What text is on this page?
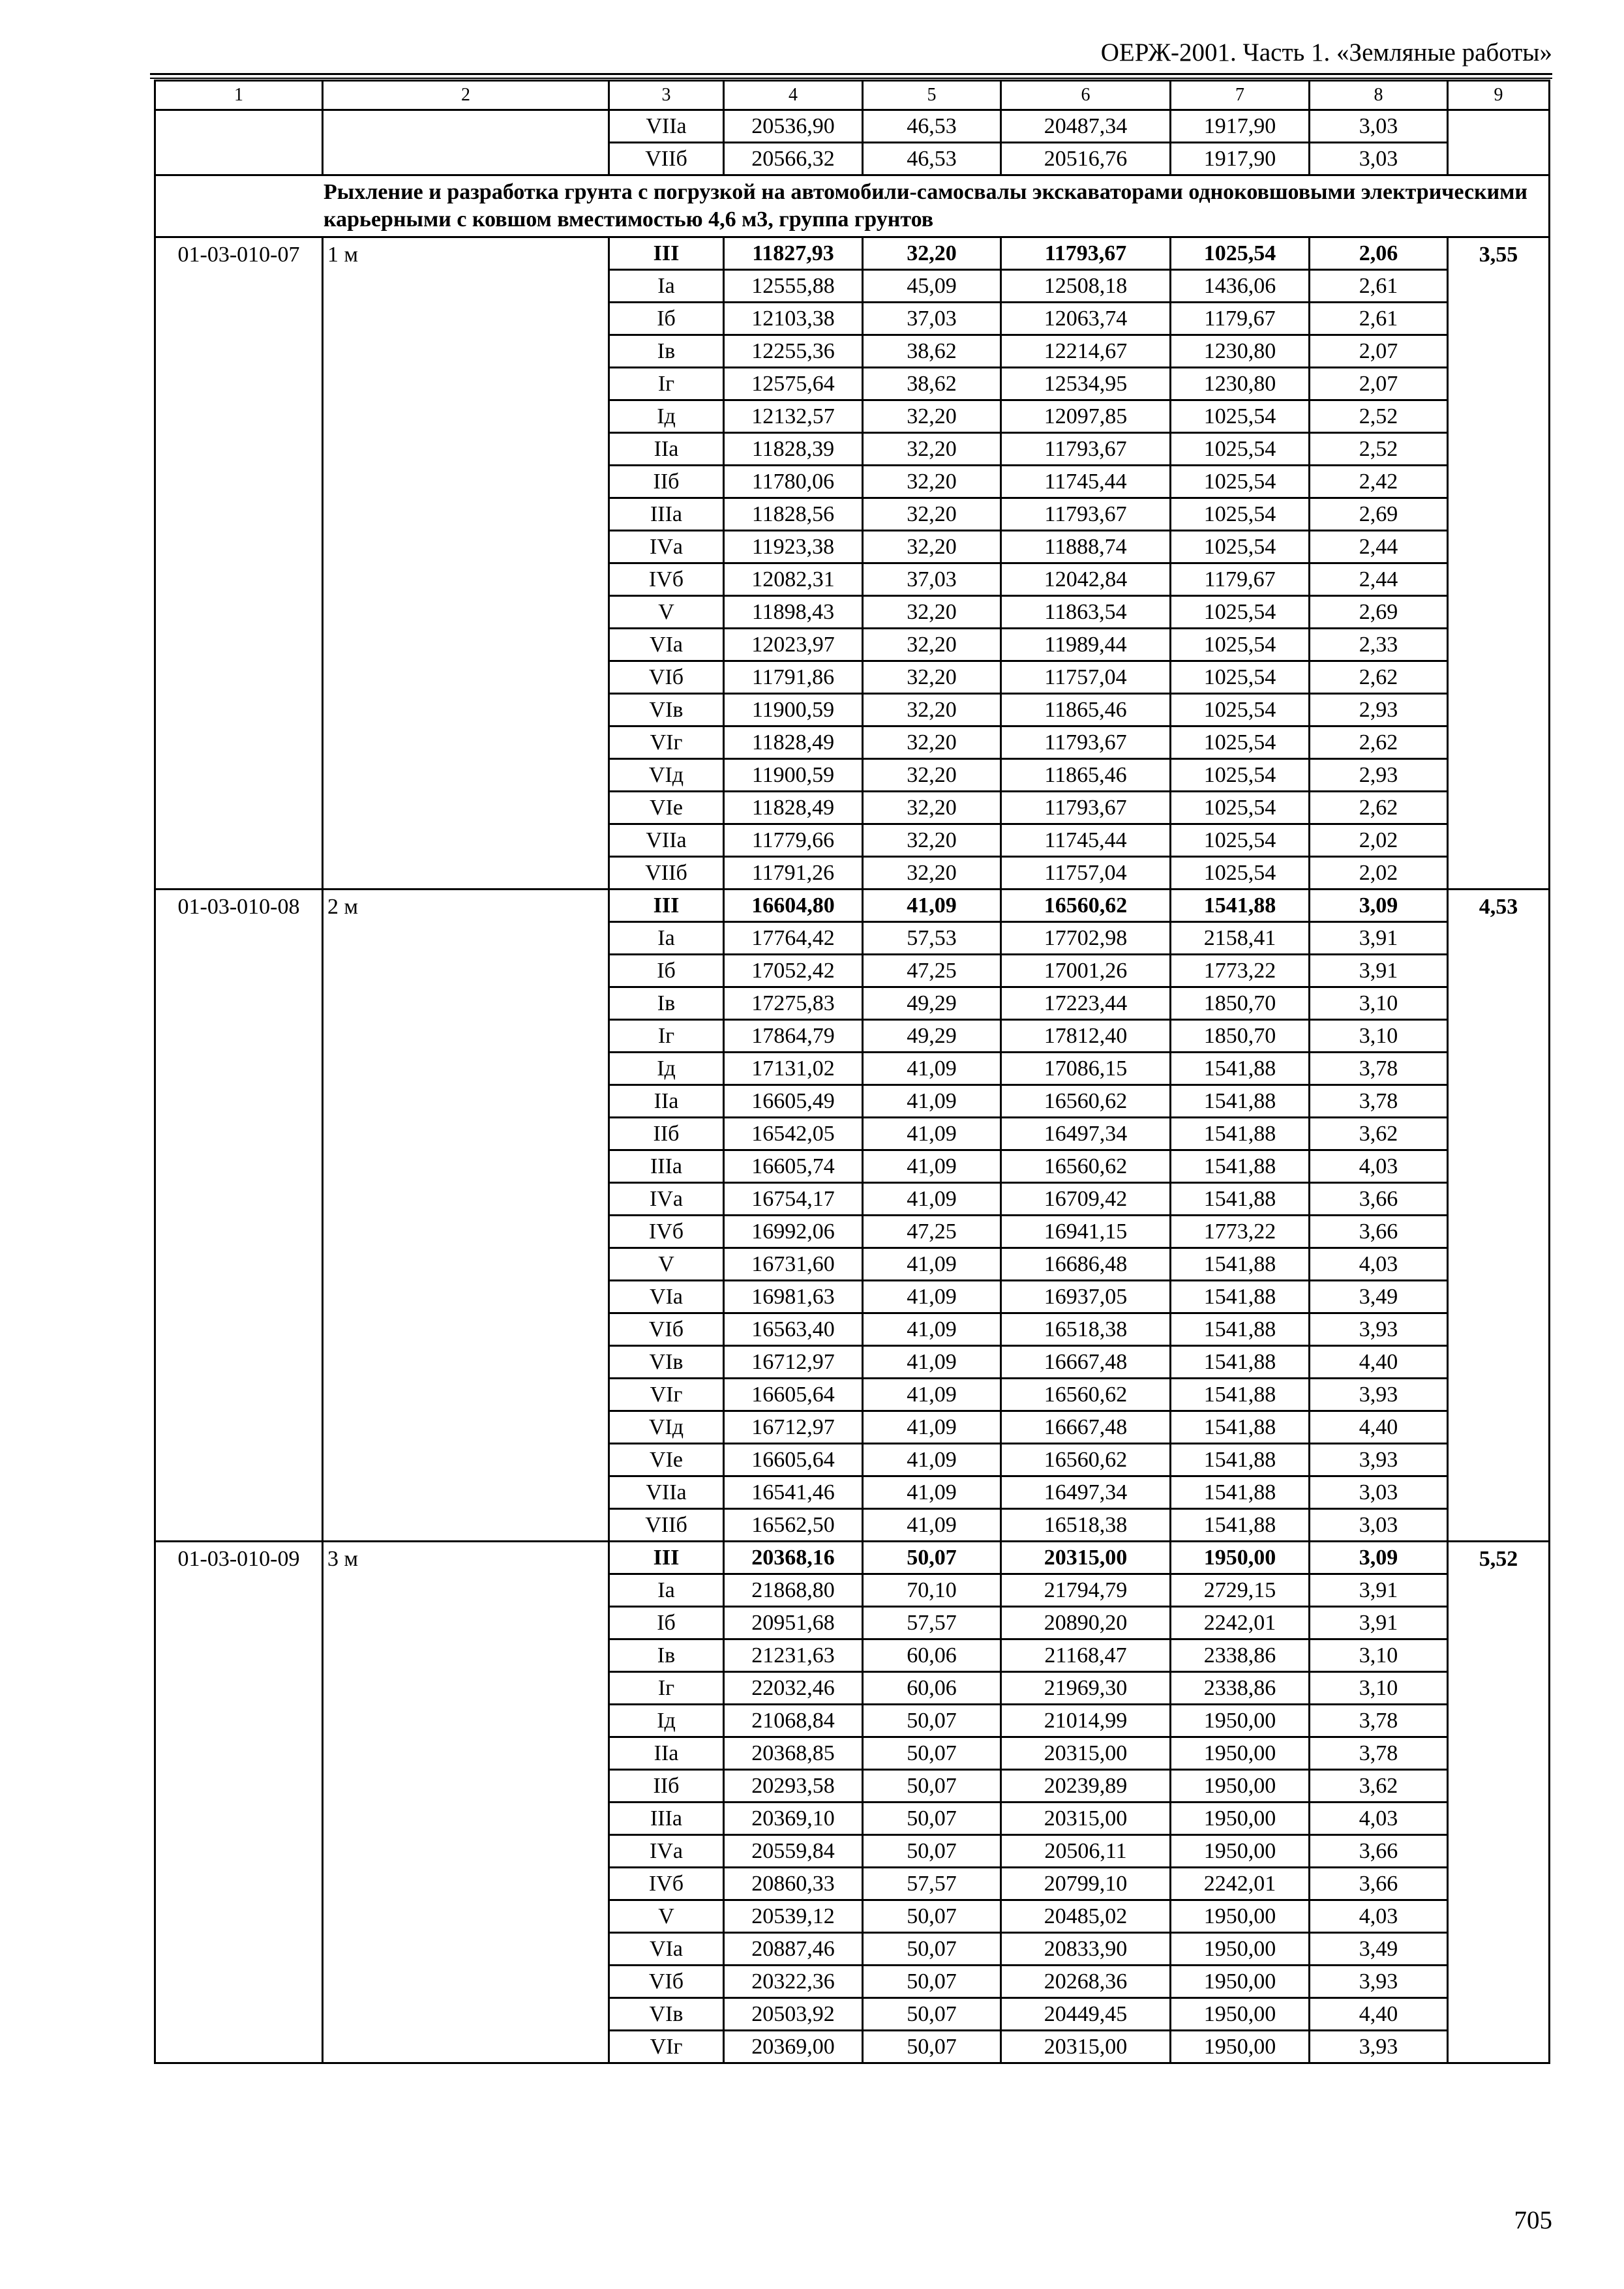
ОЕРЖ-2001. Часть 1. «Земляные работы»
1	2	3	4	5	6	7	8	9
		VIIа	20536,90	46,53	20487,34	1917,90	3,03	
		VIIб	20566,32	46,53	20516,76	1917,90	3,03	
Рыхление и разработка грунта с погрузкой на автомобили-самосвалы экскаваторами одноковшовыми электрическими карьерными с ковшом вместимостью 4,6 м3, группа грунтов								
01-03-010-07	1 м	III	11827,93	32,20	11793,67	1025,54	2,06	3,55
		Iа	12555,88	45,09	12508,18	1436,06	2,61	
		Iб	12103,38	37,03	12063,74	1179,67	2,61	
		Iв	12255,36	38,62	12214,67	1230,80	2,07	
		Iг	12575,64	38,62	12534,95	1230,80	2,07	
		Iд	12132,57	32,20	12097,85	1025,54	2,52	
		IIа	11828,39	32,20	11793,67	1025,54	2,52	
		IIб	11780,06	32,20	11745,44	1025,54	2,42	
		IIIа	11828,56	32,20	11793,67	1025,54	2,69	
		IVа	11923,38	32,20	11888,74	1025,54	2,44	
		IVб	12082,31	37,03	12042,84	1179,67	2,44	
		V	11898,43	32,20	11863,54	1025,54	2,69	
		VIа	12023,97	32,20	11989,44	1025,54	2,33	
		VIб	11791,86	32,20	11757,04	1025,54	2,62	
		VIв	11900,59	32,20	11865,46	1025,54	2,93	
		VIг	11828,49	32,20	11793,67	1025,54	2,62	
		VIд	11900,59	32,20	11865,46	1025,54	2,93	
		VIе	11828,49	32,20	11793,67	1025,54	2,62	
		VIIа	11779,66	32,20	11745,44	1025,54	2,02	
		VIIб	11791,26	32,20	11757,04	1025,54	2,02	
01-03-010-08	2 м	III	16604,80	41,09	16560,62	1541,88	3,09	4,53
		Iа	17764,42	57,53	17702,98	2158,41	3,91	
		Iб	17052,42	47,25	17001,26	1773,22	3,91	
		Iв	17275,83	49,29	17223,44	1850,70	3,10	
		Iг	17864,79	49,29	17812,40	1850,70	3,10	
		Iд	17131,02	41,09	17086,15	1541,88	3,78	
		IIа	16605,49	41,09	16560,62	1541,88	3,78	
		IIб	16542,05	41,09	16497,34	1541,88	3,62	
		IIIа	16605,74	41,09	16560,62	1541,88	4,03	
		IVа	16754,17	41,09	16709,42	1541,88	3,66	
		IVб	16992,06	47,25	16941,15	1773,22	3,66	
		V	16731,60	41,09	16686,48	1541,88	4,03	
		VIа	16981,63	41,09	16937,05	1541,88	3,49	
		VIб	16563,40	41,09	16518,38	1541,88	3,93	
		VIв	16712,97	41,09	16667,48	1541,88	4,40	
		VIг	16605,64	41,09	16560,62	1541,88	3,93	
		VIд	16712,97	41,09	16667,48	1541,88	4,40	
		VIе	16605,64	41,09	16560,62	1541,88	3,93	
		VIIа	16541,46	41,09	16497,34	1541,88	3,03	
		VIIб	16562,50	41,09	16518,38	1541,88	3,03	
01-03-010-09	3 м	III	20368,16	50,07	20315,00	1950,00	3,09	5,52
		Iа	21868,80	70,10	21794,79	2729,15	3,91	
		Iб	20951,68	57,57	20890,20	2242,01	3,91	
		Iв	21231,63	60,06	21168,47	2338,86	3,10	
		Iг	22032,46	60,06	21969,30	2338,86	3,10	
		Iд	21068,84	50,07	21014,99	1950,00	3,78	
		IIа	20368,85	50,07	20315,00	1950,00	3,78	
		IIб	20293,58	50,07	20239,89	1950,00	3,62	
		IIIа	20369,10	50,07	20315,00	1950,00	4,03	
		IVа	20559,84	50,07	20506,11	1950,00	3,66	
		IVб	20860,33	57,57	20799,10	2242,01	3,66	
		V	20539,12	50,07	20485,02	1950,00	4,03	
		VIа	20887,46	50,07	20833,90	1950,00	3,49	
		VIб	20322,36	50,07	20268,36	1950,00	3,93	
		VIв	20503,92	50,07	20449,45	1950,00	4,40	
		VIг	20369,00	50,07	20315,00	1950,00	3,93	
705
